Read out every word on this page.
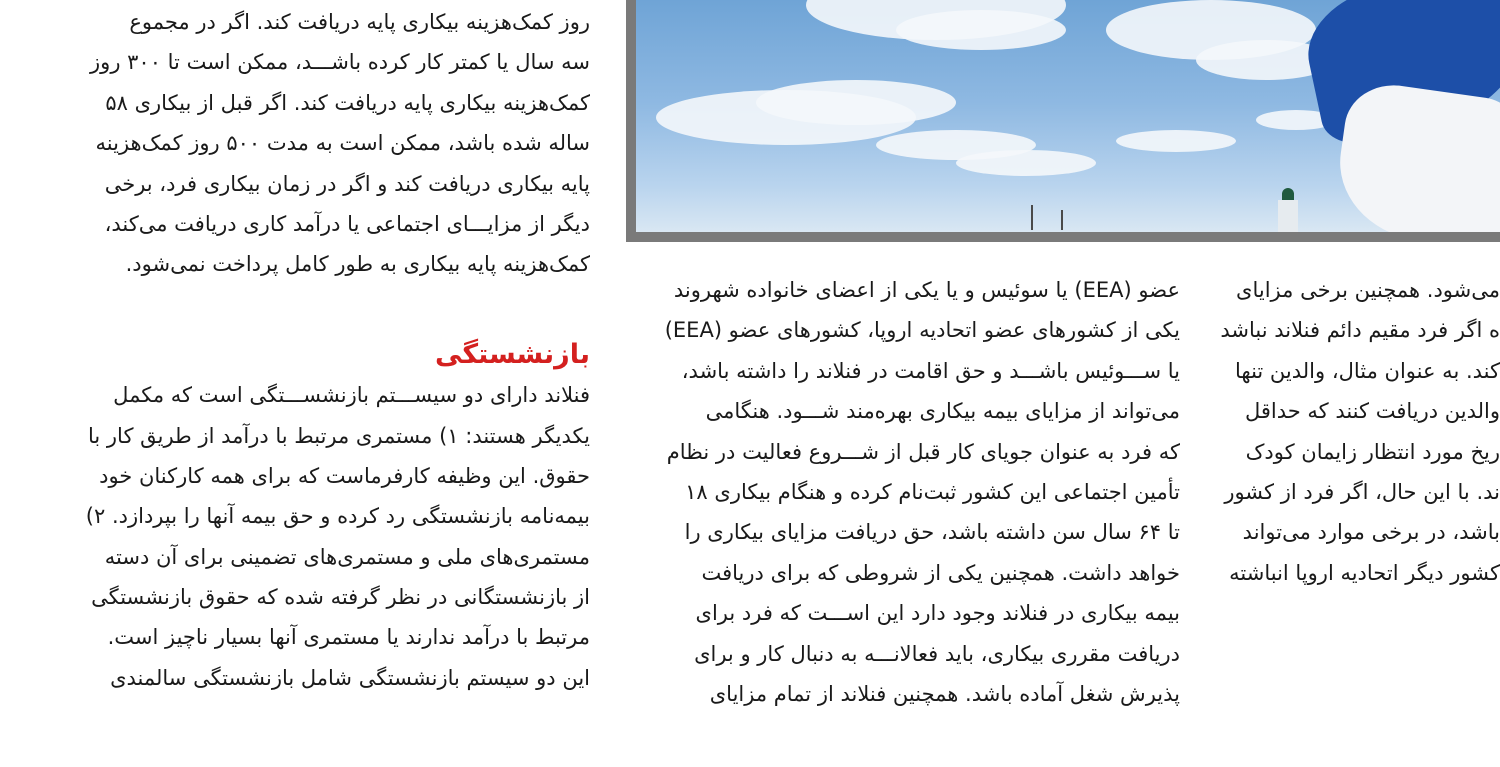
روز کمک‌هزینه بیکاری پایه دریافت کند. اگر در مجموع
سه سال یا کمتر کار کرده باشـــد، ممکن است تا ۳۰۰ روز
کمک‌هزینه بیکاری پایه دریافت کند. اگر قبل از بیکاری ۵۸
ساله شده باشد، ممکن است به مدت ۵۰۰ روز کمک‌هزینه
پایه بیکاری دریافت کند و اگر در زمان بیکاری فرد، برخی
دیگر از مزایـــای اجتماعی یا درآمد کاری دریافت می‌کند،
کمک‌هزینه پایه بیکاری به طور کامل پرداخت نمی‌شود.
بازنشستگی
فنلاند دارای دو سیســـتم بازنشســـتگی است که مکمل
یکدیگر هستند: ۱) مستمری مرتبط با درآمد از طریق کار با
حقوق. این وظیفه کارفرماست که برای همه کارکنان خود
بیمه‌نامه بازنشستگی رد کرده و حق بیمه آنها را بپردازد. ۲)
مستمری‌های ملی و مستمری‌های تضمینی برای آن دسته
از بازنشستگانی در نظر گرفته شده که حقوق بازنشستگی
مرتبط با درآمد ندارند یا مستمری آنها بسیار ناچیز است.
این دو سیستم بازنشستگی شامل بازنشستگی سالمندی
عضو (EEA) یا سوئیس و یا یکی از اعضای خانواده شهروند
یکی از کشورهای عضو اتحادیه اروپا، کشورهای عضو (EEA)
یا ســـوئیس باشـــد و حق اقامت در فنلاند را داشته باشد،
می‌تواند از مزایای بیمه بیکاری بهره‌مند شـــود. هنگامی
که فرد به عنوان جویای کار قبل از شـــروع فعالیت در نظام
تأمین اجتماعی این کشور ثبت‌نام کرده و هنگام بیکاری ۱۸
تا ۶۴ سال سن داشته باشد، حق دریافت مزایای بیکاری را
خواهد داشت. همچنین یکی از شروطی که برای دریافت
بیمه بیکاری در فنلاند وجود دارد این اســـت که فرد برای
دریافت مقرری بیکاری، باید فعالانـــه به دنبال کار و برای
پذیرش شغل آماده باشد. همچنین فنلاند از تمام مزایای
می‌شود. همچنین برخی مزایای
ه اگر فرد مقیم دائم فنلاند نباشد
کند. به عنوان مثال، والدین تنها
والدین دریافت کنند که حداقل
ریخ مورد انتظار زایمان کودک
ند. با این حال، اگر فرد از کشور
باشد، در برخی موارد می‌تواند
کشور دیگر اتحادیه اروپا انباشته
